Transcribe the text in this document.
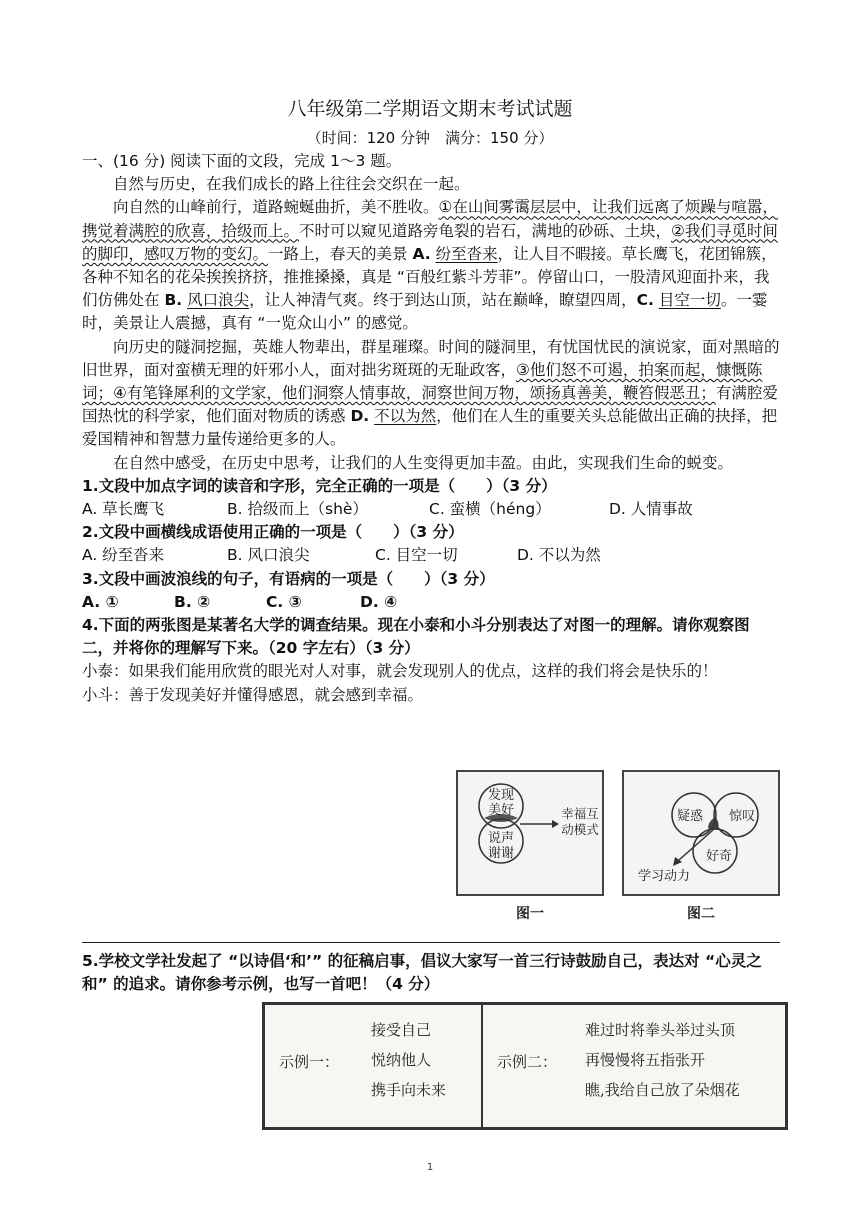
八年级第二学期语文期末考试试题
（时间：120 分钟　满分：150 分）

一、(16 分) 阅读下面的文段，完成 1～3 题。

自然与历史，在我们成长的路上往往会交织在一起。

向自然的山峰前行，道路蜿蜒曲折，美不胜收。①在山间雾霭层层中，让我们远离了烦躁与喧嚣，携觉着满腔的欣喜，拾级而上。不时可以窥见道路旁龟裂的岩石，满地的砂砾、土块，②我们寻觅时间的脚印，感叹万物的变幻。一路上，春天的美景 A. 纷至沓来，让人目不暇接。草长鹰飞，花团锦簇，各种不知名的花朵挨挨挤挤，推推搡搡，真是 “百般红紫斗芳菲”。停留山口，一股清风迎面扑来，我们仿佛处在 B. 风口浪尖，让人神清气爽。终于到达山顶，站在巅峰，瞭望四周，C. 目空一切。一霎时，美景让人震撼，真有 “一览众山小” 的感觉。

向历史的隧洞挖掘，英雄人物辈出，群星璀璨。时间的隧洞里，有忧国忧民的演说家，面对黑暗的旧世界，面对蛮横无理的奸邪小人，面对拙劣斑斑的无耻政客，③他们怒不可遏，拍案而起，慷慨陈词；④有笔锋犀利的文学家，他们洞察人情事故，洞察世间万物，颂扬真善美，鞭笞假恶丑；有满腔爱国热忱的科学家，他们面对物质的诱惑 D. 不以为然，他们在人生的重要关头总能做出正确的抉择，把爱国精神和智慧力量传递给更多的人。

在自然中感受，在历史中思考，让我们的人生变得更加丰盈。由此，实现我们生命的蜕变。

1.文段中加点字词的读音和字形，完全正确的一项是（　　）（3 分）

A. 草长鹰飞	B. 拾级而上（shè）	C. 蛮横（héng）	D. 人情事故

2.文段中画横线成语使用正确的一项是（　　）（3 分）

A. 纷至沓来	B. 风口浪尖	C. 目空一切	D. 不以为然

3.文段中画波浪线的句子，有语病的一项是（　　）（3 分）

A. ①	B. ②	C. ③	D. ④

4.下面的两张图是某著名大学的调查结果。现在小泰和小斗分别表达了对图一的理解。请你观察图二，并将你的理解写下来。（20 字左右）（3 分）

小泰：如果我们能用欣赏的眼光对人对事，就会发现别人的优点，这样的我们将会是快乐的！

小斗：善于发现美好并懂得感恩，就会感到幸福。

发现
美好
说声
谢谢
幸福互
动模式
图一
疑惑 惊叹
好奇
学习动力
图二

5.学校文学社发起了 “以诗倡‘和’” 的征稿启事，倡议大家写一首三行诗鼓励自己，表达对 “心灵之和” 的追求。请你参考示例，也写一首吧！（4 分）

示例一：
接受自己
悦纳他人
携手向未来
示例二：
难过时将拳头举过头顶
再慢慢将五指张开
瞧,我给自己放了朵烟花
1
